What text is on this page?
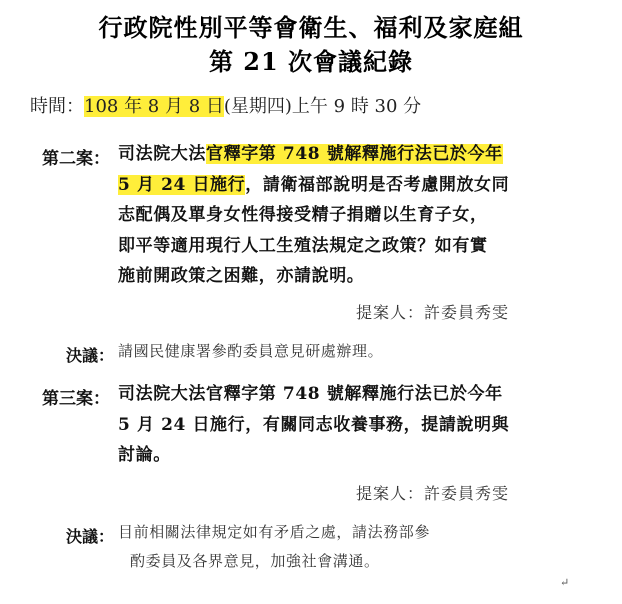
行政院性別平等會衛生、福利及家庭組
第 21 次會議紀錄
時間：108 年 8 月 8 日(星期四)上午 9 時 30 分
第二案： 司法院大法官釋字第 748 號解釋施行法已於今年
5 月 24 日施行，請衛福部說明是否考慮開放女同
志配偶及單身女性得接受精子捐贈以生育子女，
即平等適用現行人工生殖法規定之政策？如有實
施前開政策之困難，亦請說明。
提案人：許委員秀雯
決議： 請國民健康署參酌委員意見研處辦理。
第三案： 司法院大法官釋字第 748 號解釋施行法已於今年
5 月 24 日施行，有關同志收養事務，提請說明與
討論。
提案人：許委員秀雯
決議： 目前相關法律規定如有矛盾之處，請法務部參
酌委員及各界意見，加強社會溝通。
↵
